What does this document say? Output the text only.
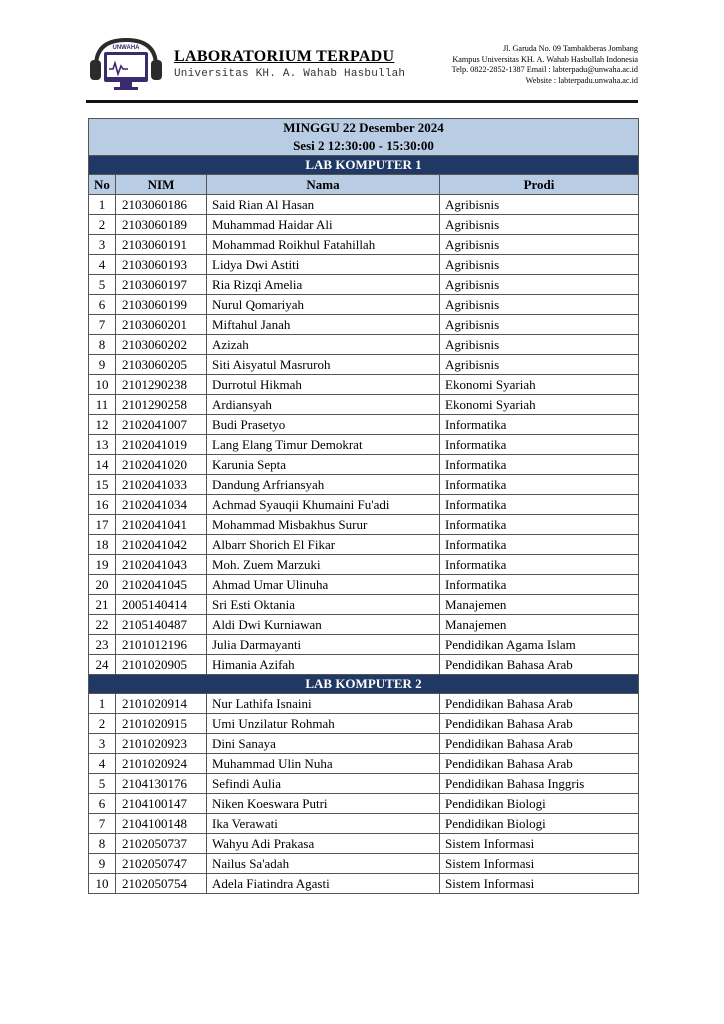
UNWAHA LABORATORIUM TERPADU
Universitas KH. A. Wahab Hasbullah
Jl. Garuda No. 09 Tambakberas Jombang
Kampus Universitas KH. A. Wahab Hasbullah Indonesia
Telp. 0822-2852-1387 Email : labterpadu@unwaha.ac.id
Website : labterpadu.unwaha.ac.id
MINGGU 22 Desember 2024			
Sesi 2 12:30:00 - 15:30:00			
LAB KOMPUTER 1			
No	NIM	Nama	Prodi
1	2103060186	Said Rian Al Hasan	Agribisnis
2	2103060189	Muhammad Haidar Ali	Agribisnis
3	2103060191	Mohammad Roikhul Fatahillah	Agribisnis
4	2103060193	Lidya Dwi Astiti	Agribisnis
5	2103060197	Ria Rizqi Amelia	Agribisnis
6	2103060199	Nurul Qomariyah	Agribisnis
7	2103060201	Miftahul Janah	Agribisnis
8	2103060202	Azizah	Agribisnis
9	2103060205	Siti Aisyatul Masruroh	Agribisnis
10	2101290238	Durrotul Hikmah	Ekonomi Syariah
11	2101290258	Ardiansyah	Ekonomi Syariah
12	2102041007	Budi Prasetyo	Informatika
13	2102041019	Lang Elang Timur Demokrat	Informatika
14	2102041020	Karunia Septa	Informatika
15	2102041033	Dandung Arfriansyah	Informatika
16	2102041034	Achmad Syauqii Khumaini Fu'adi	Informatika
17	2102041041	Mohammad Misbakhus Surur	Informatika
18	2102041042	Albarr Shorich El Fikar	Informatika
19	2102041043	Moh. Zuem Marzuki	Informatika
20	2102041045	Ahmad Umar Ulinuha	Informatika
21	2005140414	Sri Esti Oktania	Manajemen
22	2105140487	Aldi Dwi Kurniawan	Manajemen
23	2101012196	Julia Darmayanti	Pendidikan Agama Islam
24	2101020905	Himania Azifah	Pendidikan Bahasa Arab
LAB KOMPUTER 2			
1	2101020914	Nur Lathifa Isnaini	Pendidikan Bahasa Arab
2	2101020915	Umi Unzilatur Rohmah	Pendidikan Bahasa Arab
3	2101020923	Dini Sanaya	Pendidikan Bahasa Arab
4	2101020924	Muhammad Ulin Nuha	Pendidikan Bahasa Arab
5	2104130176	Sefindi Aulia	Pendidikan Bahasa Inggris
6	2104100147	Niken Koeswara Putri	Pendidikan Biologi
7	2104100148	Ika Verawati	Pendidikan Biologi
8	2102050737	Wahyu Adi Prakasa	Sistem Informasi
9	2102050747	Nailus Sa'adah	Sistem Informasi
10	2102050754	Adela Fiatindra Agasti	Sistem Informasi
